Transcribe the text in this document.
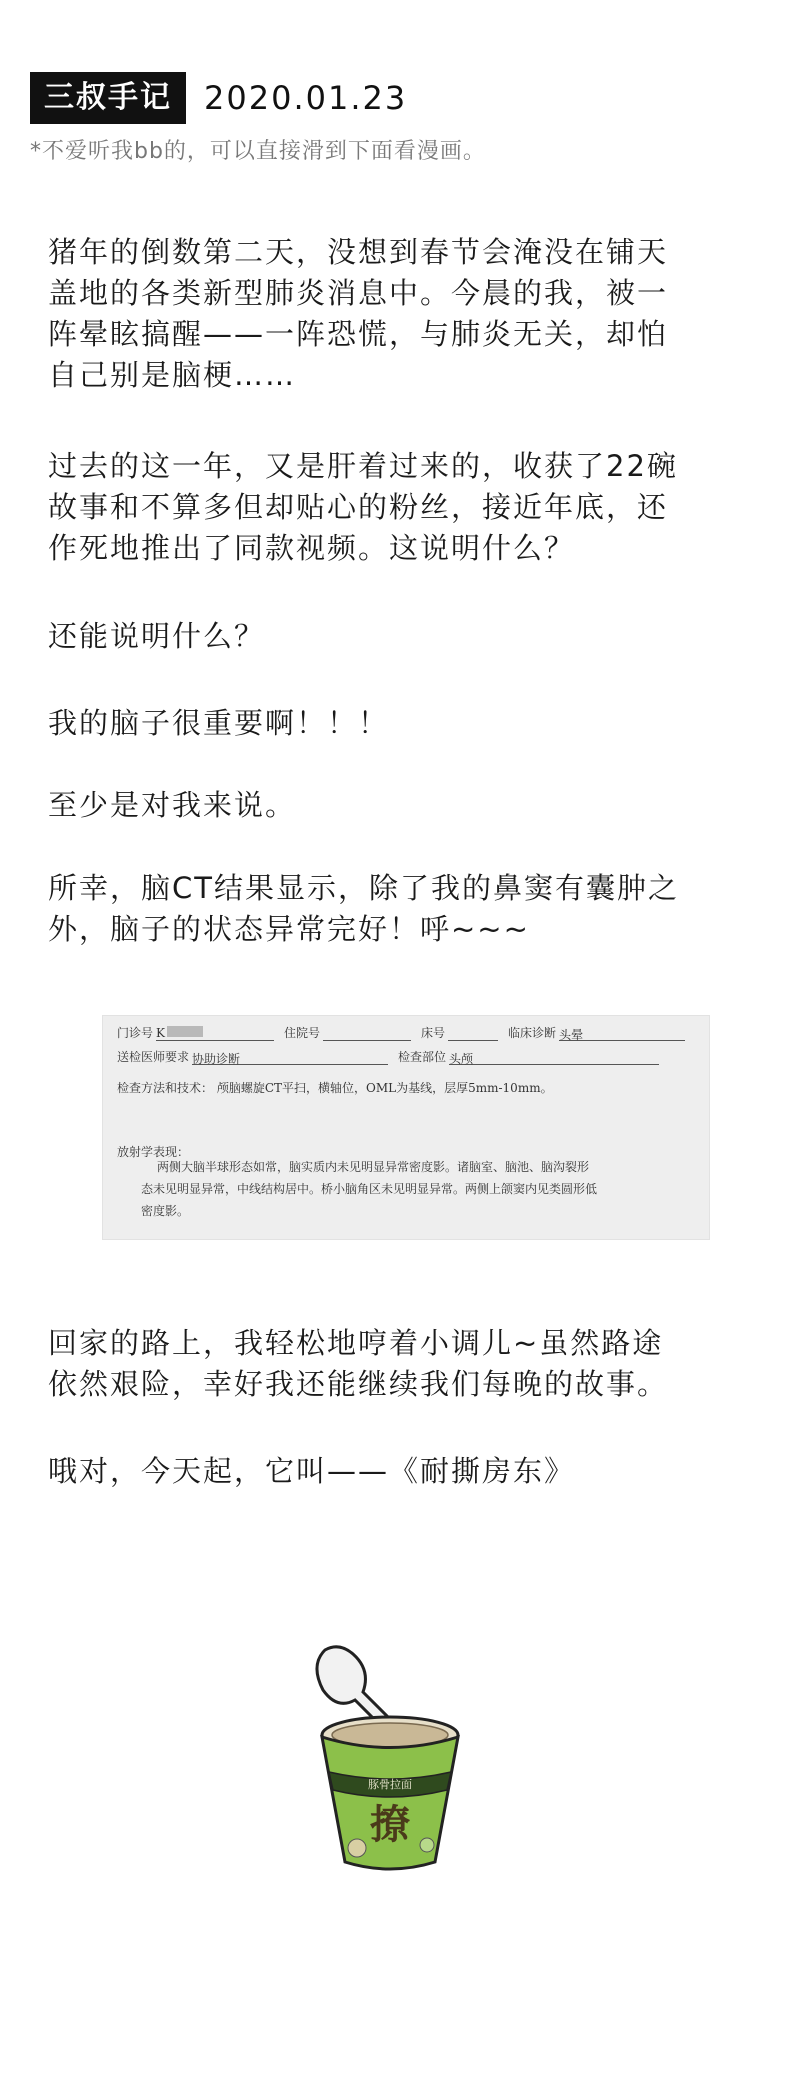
三叔手记	2020.01.23
*不爱听我bb的，可以直接滑到下面看漫画。
猪年的倒数第二天，没想到春节会淹没在铺天
盖地的各类新型肺炎消息中。今晨的我，被一
阵晕眩搞醒——一阵恐慌，与肺炎无关，却怕
自己别是脑梗……
过去的这一年，又是肝着过来的，收获了22碗
故事和不算多但却贴心的粉丝，接近年底，还
作死地推出了同款视频。这说明什么？
还能说明什么？
我的脑子很重要啊！！！
至少是对我来说。
所幸，脑CT结果显示，除了我的鼻窦有囊肿之
外，脑子的状态异常完好！呼~~~
门诊号 K	住院号	床号	临床诊断 头晕
送检医师要求 协助诊断	检查部位 头颅
检查方法和技术： 颅脑螺旋CT平扫，横轴位，OML为基线，层厚5mm-10mm。
放射学表现：
两侧大脑半球形态如常，脑实质内未见明显异常密度影。诸脑室、脑池、脑沟裂形
态未见明显异常，中线结构居中。桥小脑角区未见明显异常。两侧上颌窦内见类圆形低
密度影。
回家的路上，我轻松地哼着小调儿~虽然路途
依然艰险，幸好我还能继续我们每晚的故事。
哦对，今天起，它叫——《耐撕房东》
豚骨拉面
撩
